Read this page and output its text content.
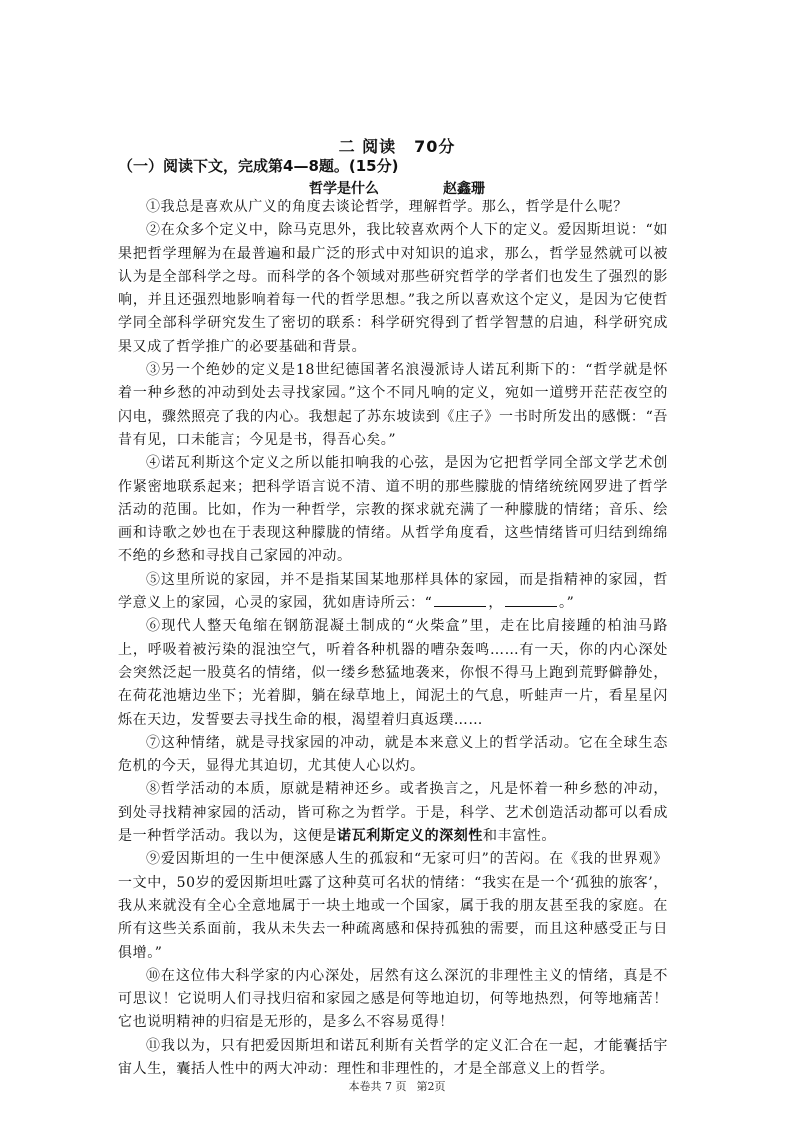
二 阅读 70分
（一）阅读下文，完成第4—8题。(15分)
哲学是什么	赵鑫珊

①我总是喜欢从广义的角度去谈论哲学，理解哲学。那么，哲学是什么呢？

②在众多个定义中，除马克思外，我比较喜欢两个人下的定义。爱因斯坦说：“如果把哲学理解为在最普遍和最广泛的形式中对知识的追求，那么，哲学显然就可以被认为是全部科学之母。而科学的各个领域对那些研究哲学的学者们也发生了强烈的影响，并且还强烈地影响着每一代的哲学思想。”我之所以喜欢这个定义，是因为它使哲学同全部科学研究发生了密切的联系：科学研究得到了哲学智慧的启迪，科学研究成果又成了哲学推广的必要基础和背景。

③另一个绝妙的定义是18世纪德国著名浪漫派诗人诺瓦利斯下的：“哲学就是怀着一种乡愁的冲动到处去寻找家园。”这个不同凡响的定义，宛如一道劈开茫茫夜空的闪电，骤然照亮了我的内心。我想起了苏东坡读到《庄子》一书时所发出的感慨：“吾昔有见，口未能言；今见是书，得吾心矣。”

④诺瓦利斯这个定义之所以能扣响我的心弦，是因为它把哲学同全部文学艺术创作紧密地联系起来；把科学语言说不清、道不明的那些朦胧的情绪统统网罗进了哲学活动的范围。比如，作为一种哲学，宗教的探求就充满了一种朦胧的情绪；音乐、绘画和诗歌之妙也在于表现这种朦胧的情绪。从哲学角度看，这些情绪皆可归结到绵绵不绝的乡愁和寻找自己家园的冲动。

⑤这里所说的家园，并不是指某国某地那样具体的家园，而是指精神的家园，哲学意义上的家园，心灵的家园，犹如唐诗所云：“	，	。”

⑥现代人整天龟缩在钢筋混凝土制成的“火柴盒”里，走在比肩接踵的柏油马路上，呼吸着被污染的混浊空气，听着各种机器的嘈杂轰鸣……有一天，你的内心深处会突然泛起一股莫名的情绪，似一缕乡愁猛地袭来，你恨不得马上跑到荒野僻静处，在荷花池塘边坐下；光着脚，躺在绿草地上，闻泥土的气息，听蛙声一片，看星星闪烁在天边，发誓要去寻找生命的根，渴望着归真返璞……

⑦这种情绪，就是寻找家园的冲动，就是本来意义上的哲学活动。它在全球生态危机的今天，显得尤其迫切，尤其使人心以灼。

⑧哲学活动的本质，原就是精神还乡。或者换言之，凡是怀着一种乡愁的冲动，到处寻找精神家园的活动，皆可称之为哲学。于是，科学、艺术创造活动都可以看成是一种哲学活动。我以为，这便是诺瓦利斯定义的深刻性和丰富性。

⑨爱因斯坦的一生中便深感人生的孤寂和“无家可归”的苦闷。在《我的世界观》一文中，50岁的爱因斯坦吐露了这种莫可名状的情绪：“我实在是一个‘孤独的旅客’，我从来就没有全心全意地属于一块土地或一个国家，属于我的朋友甚至我的家庭。在所有这些关系面前，我从未失去一种疏离感和保持孤独的需要，而且这种感受正与日俱增。”

⑩在这位伟大科学家的内心深处，居然有这么深沉的非理性主义的情绪，真是不可思议！它说明人们寻找归宿和家园之感是何等地迫切，何等地热烈，何等地痛苦！它也说明精神的归宿是无形的，是多么不容易觅得！

⑪我以为，只有把爱因斯坦和诺瓦利斯有关哲学的定义汇合在一起，才能囊括宇宙人生，囊括人性中的两大冲动：理性和非理性的，才是全部意义上的哲学。

本卷共 7 页 第2页
